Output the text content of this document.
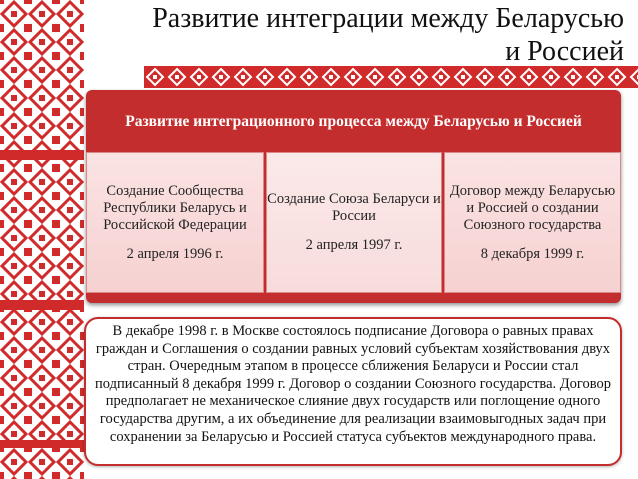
Развитие интеграции между Беларусью
и Россией
Развитие интеграционного процесса между Беларусью и Россией
Создание Сообщества Республики Беларусь и Российской Федерации
2 апреля 1996 г.
Создание Союза Беларуси и России
2 апреля 1997 г.
Договор между Беларусью и Россией о создании Союзного государства
8 декабря 1999 г.
В декабре 1998 г. в Москве состоялось подписание Договора о равных правах граждан и Соглашения о создании равных условий субъектам хозяйствования двух стран. Очередным этапом в процессе сближения Беларуси и России стал подписанный 8 декабря 1999 г. Договор о создании Союзного государства. Договор предполагает не механическое слияние двух государств или поглощение одного государства другим, а их объединение для реализации взаимовыгодных задач при сохранении за Беларусью и Россией статуса субъектов международного права.
